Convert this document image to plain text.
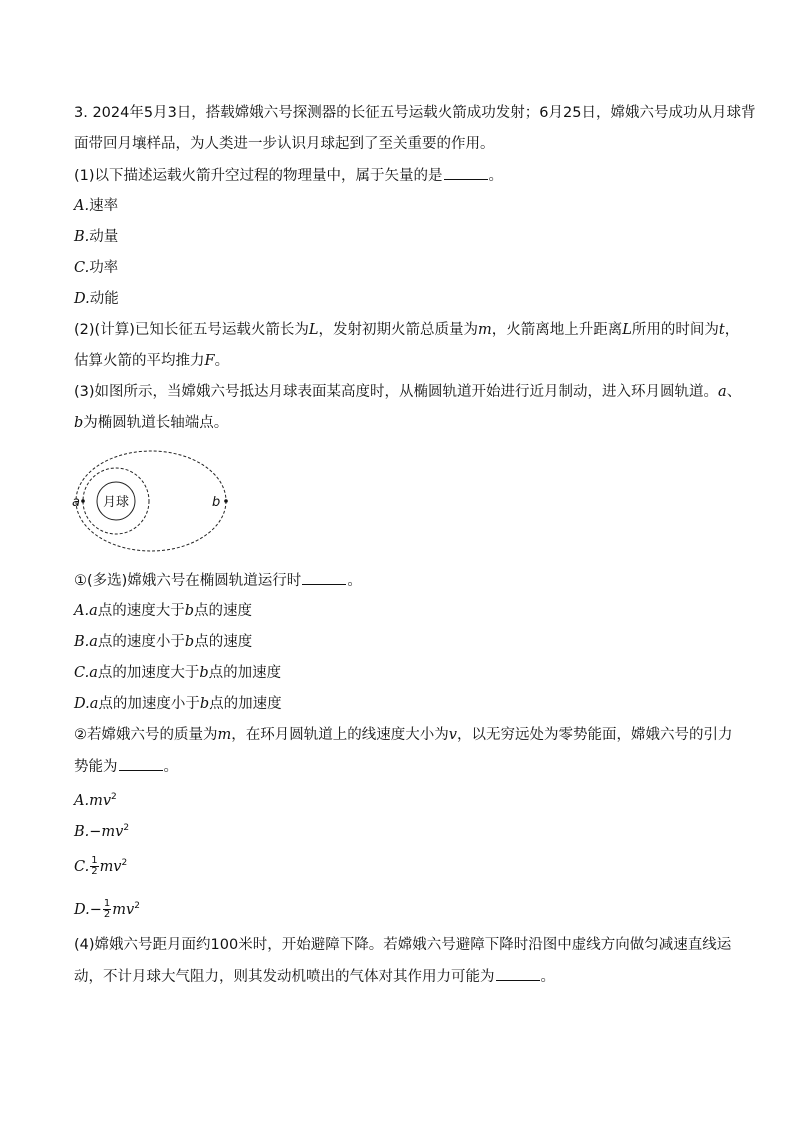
3. 2024年5月3日，搭载嫦娥六号探测器的长征五号运载火箭成功发射；6月25日，嫦娥六号成功从月球背
面带回月壤样品，为人类进一步认识月球起到了至关重要的作用。
(1)以下描述运载火箭升空过程的物理量中，属于矢量的是	。
A.速率
B.动量
C.功率
D.动能
(2)(计算)已知长征五号运载火箭长为L，发射初期火箭总质量为m，火箭离地上升距离L所用的时间为t，
估算火箭的平均推力F。
(3)如图所示，当嫦娥六号抵达月球表面某高度时，从椭圆轨道开始进行近月制动，进入环月圆轨道。a、
b为椭圆轨道长轴端点。
月球
a	b
①(多选)嫦娥六号在椭圆轨道运行时	。
A.a点的速度大于b点的速度
B.a点的速度小于b点的速度
C.a点的加速度大于b点的加速度
D.a点的加速度小于b点的加速度
②若嫦娥六号的质量为m，在环月圆轨道上的线速度大小为v，以无穷远处为零势能面，嫦娥六号的引力
势能为	。
$A.mv^2$
$B.-mv^2$
C. $\frac{1}{2} mv^2$
$D.- \frac{1}{2} mv^2$
(4)嫦娥六号距月面约100米时，开始避障下降。若嫦娥六号避障下降时沿图中虚线方向做匀减速直线运
动，不计月球大气阻力，则其发动机喷出的气体对其作用力可能为	。
